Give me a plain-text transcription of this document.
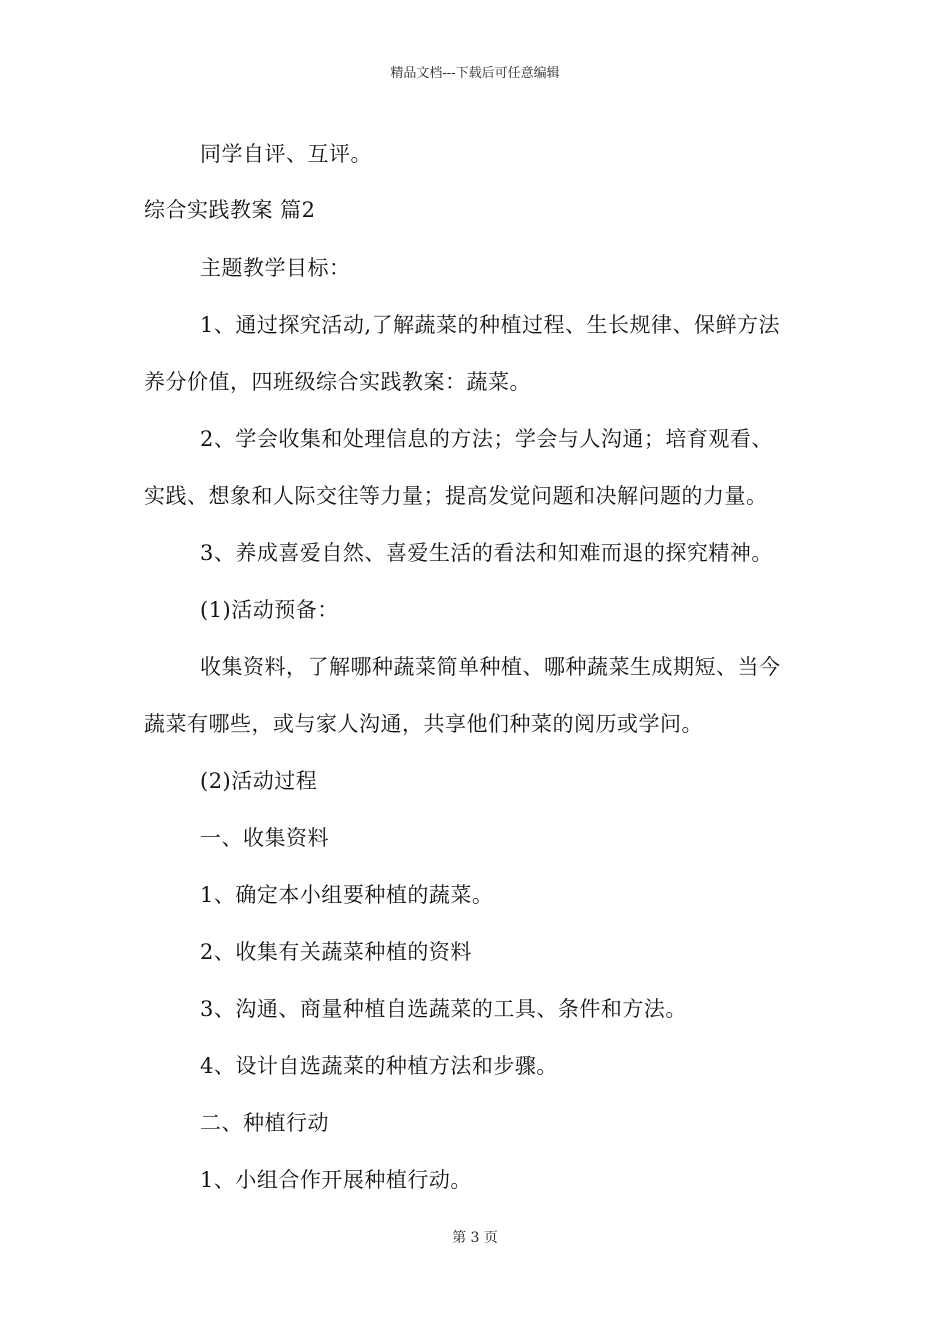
精品文档---下载后可任意编辑
同学自评、互评。
综合实践教案 篇2
主题教学目标：
1、通过探究活动,了解蔬菜的种植过程、生长规律、保鲜方法
养分价值，四班级综合实践教案：蔬菜。
2、学会收集和处理信息的方法；学会与人沟通；培育观看、
实践、想象和人际交往等力量；提高发觉问题和决解问题的力量。
3、养成喜爱自然、喜爱生活的看法和知难而退的探究精神。
(1)活动预备：
收集资料，了解哪种蔬菜简单种植、哪种蔬菜生成期短、当今
蔬菜有哪些，或与家人沟通，共享他们种菜的阅历或学问。
(2)活动过程
一、收集资料
1、确定本小组要种植的蔬菜。
2、收集有关蔬菜种植的资料
3、沟通、商量种植自选蔬菜的工具、条件和方法。
4、设计自选蔬菜的种植方法和步骤。
二、种植行动
1、小组合作开展种植行动。
第 3 页
